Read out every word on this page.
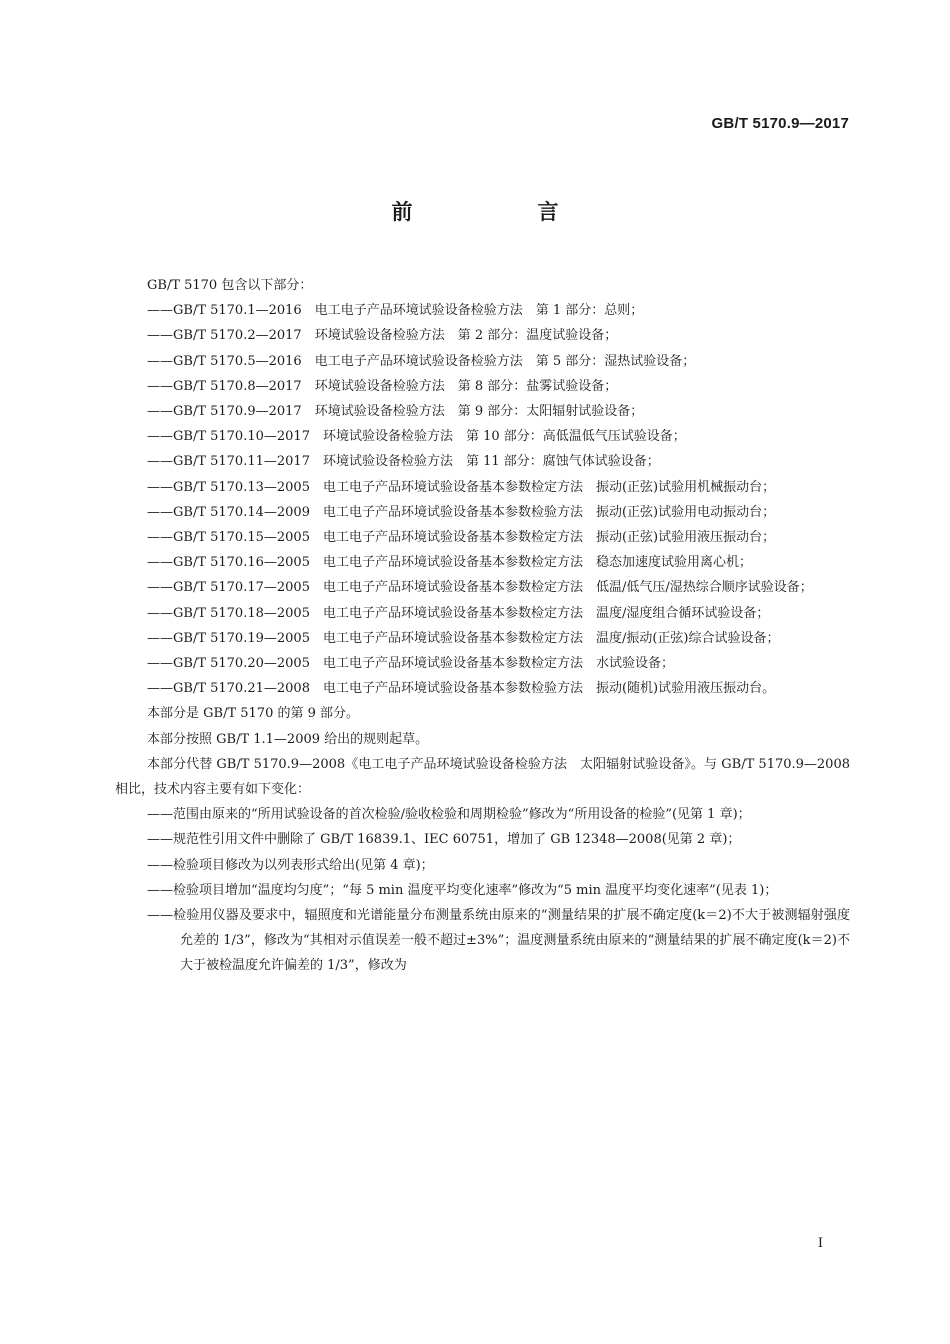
GB/T 5170.9—2017
前　言

GB/T 5170 包含以下部分：

——GB/T 5170.1—2016　电工电子产品环境试验设备检验方法　第 1 部分：总则；

——GB/T 5170.2—2017　环境试验设备检验方法　第 2 部分：温度试验设备；

——GB/T 5170.5—2016　电工电子产品环境试验设备检验方法　第 5 部分：湿热试验设备；

——GB/T 5170.8—2017　环境试验设备检验方法　第 8 部分：盐雾试验设备；

——GB/T 5170.9—2017　环境试验设备检验方法　第 9 部分：太阳辐射试验设备；

——GB/T 5170.10—2017　环境试验设备检验方法　第 10 部分：高低温低气压试验设备；

——GB/T 5170.11—2017　环境试验设备检验方法　第 11 部分：腐蚀气体试验设备；

——GB/T 5170.13—2005　电工电子产品环境试验设备基本参数检定方法　振动(正弦)试验用机械振动台；

——GB/T 5170.14—2009　电工电子产品环境试验设备基本参数检验方法　振动(正弦)试验用电动振动台；

——GB/T 5170.15—2005　电工电子产品环境试验设备基本参数检定方法　振动(正弦)试验用液压振动台；

——GB/T 5170.16—2005　电工电子产品环境试验设备基本参数检定方法　稳态加速度试验用离心机；

——GB/T 5170.17—2005　电工电子产品环境试验设备基本参数检定方法　低温/低气压/湿热综合顺序试验设备；

——GB/T 5170.18—2005　电工电子产品环境试验设备基本参数检定方法　温度/湿度组合循环试验设备；

——GB/T 5170.19—2005　电工电子产品环境试验设备基本参数检定方法　温度/振动(正弦)综合试验设备；

——GB/T 5170.20—2005　电工电子产品环境试验设备基本参数检定方法　水试验设备；

——GB/T 5170.21—2008　电工电子产品环境试验设备基本参数检验方法　振动(随机)试验用液压振动台。

本部分是 GB/T 5170 的第 9 部分。

本部分按照 GB/T 1.1—2009 给出的规则起草。

本部分代替 GB/T 5170.9—2008《电工电子产品环境试验设备检验方法　太阳辐射试验设备》。与 GB/T 5170.9—2008 相比，技术内容主要有如下变化：

——范围由原来的“所用试验设备的首次检验/验收检验和周期检验”修改为“所用设备的检验”(见第 1 章)；

——规范性引用文件中删除了 GB/T 16839.1、IEC 60751，增加了 GB 12348—2008(见第 2 章)；

——检验项目修改为以列表形式给出(见第 4 章)；

——检验项目增加“温度均匀度”；“每 5 min 温度平均变化速率”修改为“5 min 温度平均变化速率”(见表 1)；

——检验用仪器及要求中，辐照度和光谱能量分布测量系统由原来的“测量结果的扩展不确定度(k＝2)不大于被测辐射强度允差的 1/3”，修改为“其相对示值误差一般不超过±3%”；温度测量系统由原来的“测量结果的扩展不确定度(k＝2)不大于被检温度允许偏差的 1/3”，修改为

I
